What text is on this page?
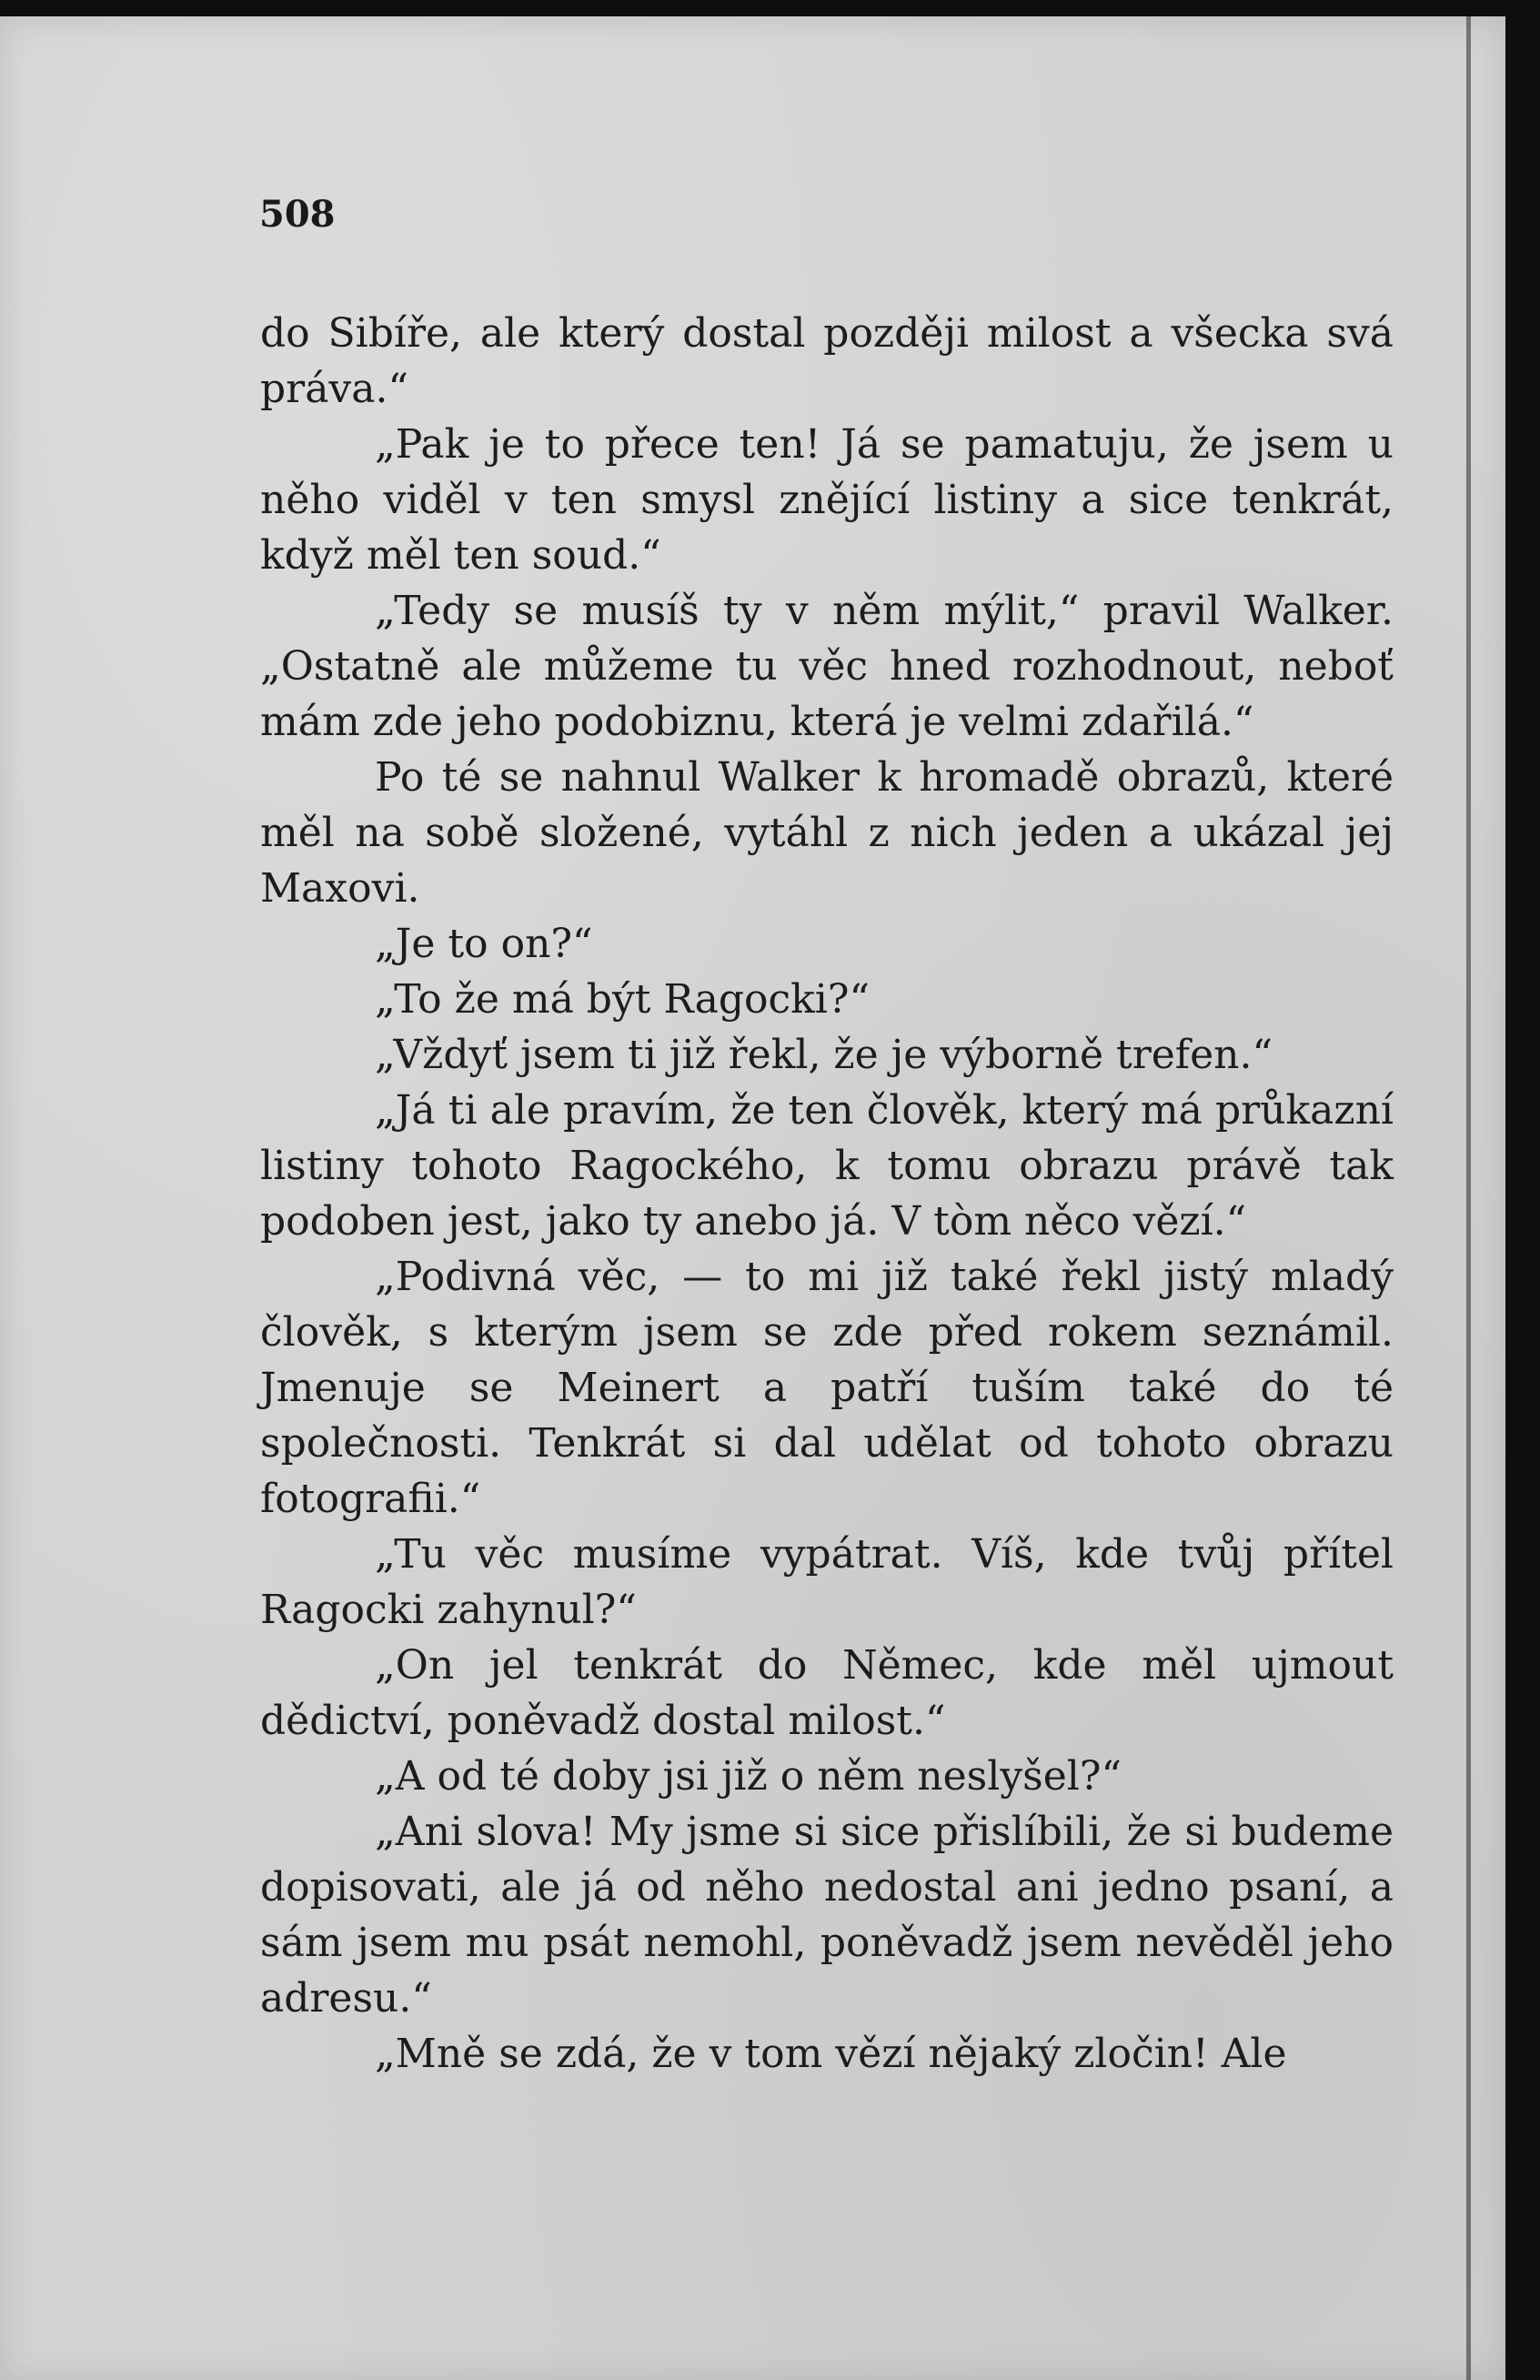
508

do Sibíře, ale který dostal později milost a všecka svá práva.“

„Pak je to přece ten! Já se pamatuju, že jsem u něho viděl v ten smysl znějící listiny a sice tenkrát, když měl ten soud.“

„Tedy se musíš ty v něm mýlit,“ pravil Walker. „Ostatně ale můžeme tu věc hned rozhodnout, neboť mám zde jeho podobiznu, která je velmi zdařilá.“

Po té se nahnul Walker k hromadě obrazů, které měl na sobě složené, vytáhl z nich jeden a ukázal jej Maxovi.

„Je to on?“

„To že má být Ragocki?“

„Vždyť jsem ti již řekl, že je výborně trefen.“

„Já ti ale pravím, že ten člověk, který má průkazní listiny tohoto Ragockého, k tomu obrazu právě tak podoben jest, jako ty anebo já. V tòm něco vězí.“

„Podivná věc, — to mi již také řekl jistý mladý člověk, s kterým jsem se zde před rokem seznámil. Jmenuje se Meinert a patří tuším také do té společnosti. Tenkrát si dal udělat od tohoto obrazu fotografii.“

„Tu věc musíme vypátrat. Víš, kde tvůj přítel Ragocki zahynul?“

„On jel tenkrát do Němec, kde měl ujmout dědictví, poněvadž dostal milost.“

„A od té doby jsi již o něm neslyšel?“

„Ani slova! My jsme si sice přislíbili, že si budeme dopisovati, ale já od něho nedostal ani jedno psaní, a sám jsem mu psát nemohl, poněvadž jsem nevěděl jeho adresu.“

„Mně se zdá, že v tom vězí nějaký zločin! Ale
